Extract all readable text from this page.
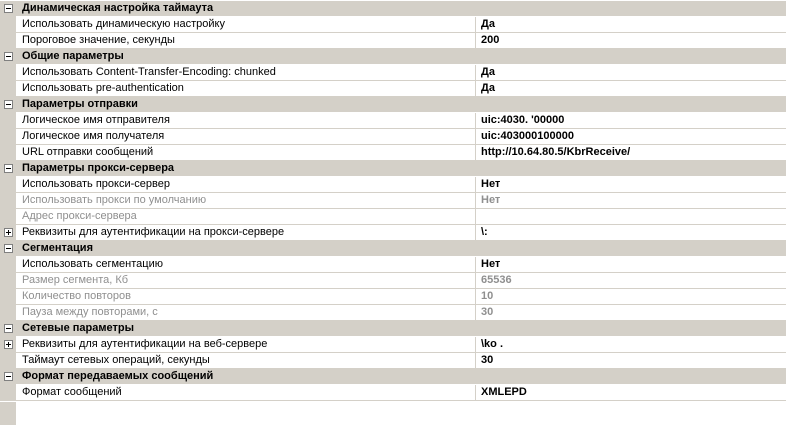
Динамическая настройка таймаута
Использовать динамическую настройку	Да
Пороговое значение, секунды	200
Общие параметры
Использовать Content-Transfer-Encoding: chunked	Да
Использовать pre-authentication	Да
Параметры отправки
Логическое имя отправителя	uic:4030. '00000
Логическое имя получателя	uic:403000100000
URL отправки сообщений	http://10.64.80.5/KbrReceive/
Параметры прокси-сервера
Использовать прокси-сервер	Нет
Использовать прокси по умолчанию	Нет
Адрес прокси-сервера
Реквизиты для аутентификации на прокси-сервере	\:
Сегментация
Использовать сегментацию	Нет
Размер сегмента, Кб	65536
Количество повторов	10
Пауза между повторами, с	30
Сетевые параметры
Реквизиты для аутентификации на веб-сервере	\ko .
Таймаут сетевых операций, секунды	30
Формат передаваемых сообщений
Формат сообщений	XMLEPD
